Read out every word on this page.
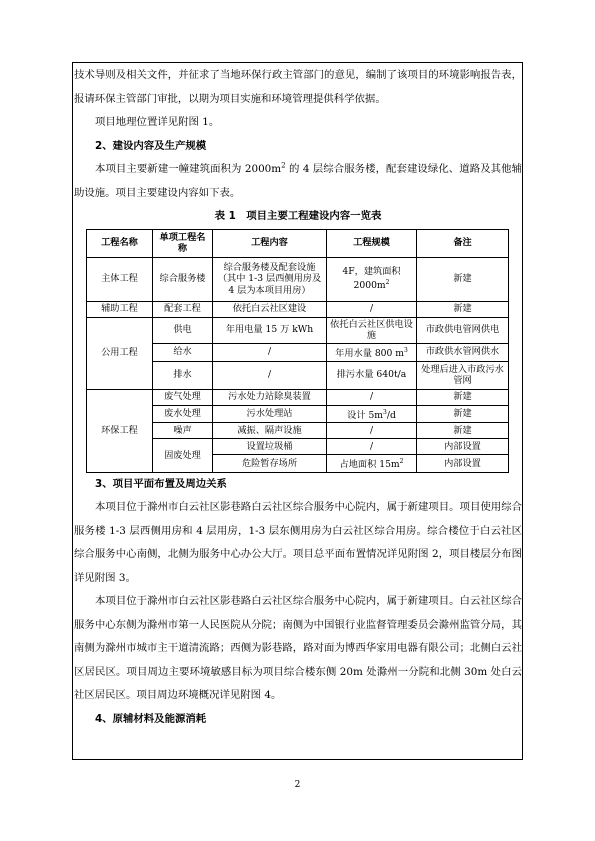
技术导则及相关文件，并征求了当地环保行政主管部门的意见，编制了该项目的环境影响报告表，报请环保主管部门审批，以期为项目实施和环境管理提供科学依据。

项目地理位置详见附图 1。

2、建设内容及生产规模

本项目主要新建一幢建筑面积为 $2000m^2$ 的 4 层综合服务楼，配套建设绿化、道路及其他辅助设施。项目主要建设内容如下表。

表 1　项目主要工程建设内容一览表

工程名称	单项工程名称	工程内容	工程规模	备注
主体工程	综合服务楼	综合服务楼及配套设施（其中 1-3 层西侧用房及 4 层为本项目用房）	4F，建筑面积 $2000m^2$	新建
辅助工程	配套工程	依托白云社区建设	/	新建
公用工程	供电	年用电量 15 万 kWh	依托白云社区供电设施	市政供电管网供电
	给水	/	年用水量 800 $m^3$	市政供水管网供水
	排水	/	排污水量 640t/a	处理后进入市政污水管网
环保工程	废气处理	污水处力站除臭装置	/	新建
	废水处理	污水处理站	设计 $5m^3/d$	新建
	噪声	减振、隔声设施	/	新建
	固废处理	设置垃圾桶	/	内部设置
		危险暂存场所	占地面积 $15m^2$	内部设置

3、项目平面布置及周边关系

本项目位于滁州市白云社区影巷路白云社区综合服务中心院内，属于新建项目。项目使用综合服务楼 1-3 层西侧用房和 4 层用房，1-3 层东侧用房为白云社区综合用房。综合楼位于白云社区综合服务中心南侧，北侧为服务中心办公大厅。项目总平面布置情况详见附图 2，项目楼层分布图详见附图 3。

本项目位于滁州市白云社区影巷路白云社区综合服务中心院内，属于新建项目。白云社区综合服务中心东侧为滁州市第一人民医院从分院；南侧为中国银行业监督管理委员会滁州监管分局，其南侧为滁州市城市主干道清流路；西侧为影巷路，路对面为博西华家用电器有限公司；北侧白云社区居民区。项目周边主要环境敏感目标为项目综合楼东侧 20m 处滁州一分院和北侧 30m 处白云社区居民区。项目周边环境概况详见附图 4。

4、原辅材料及能源消耗

2
